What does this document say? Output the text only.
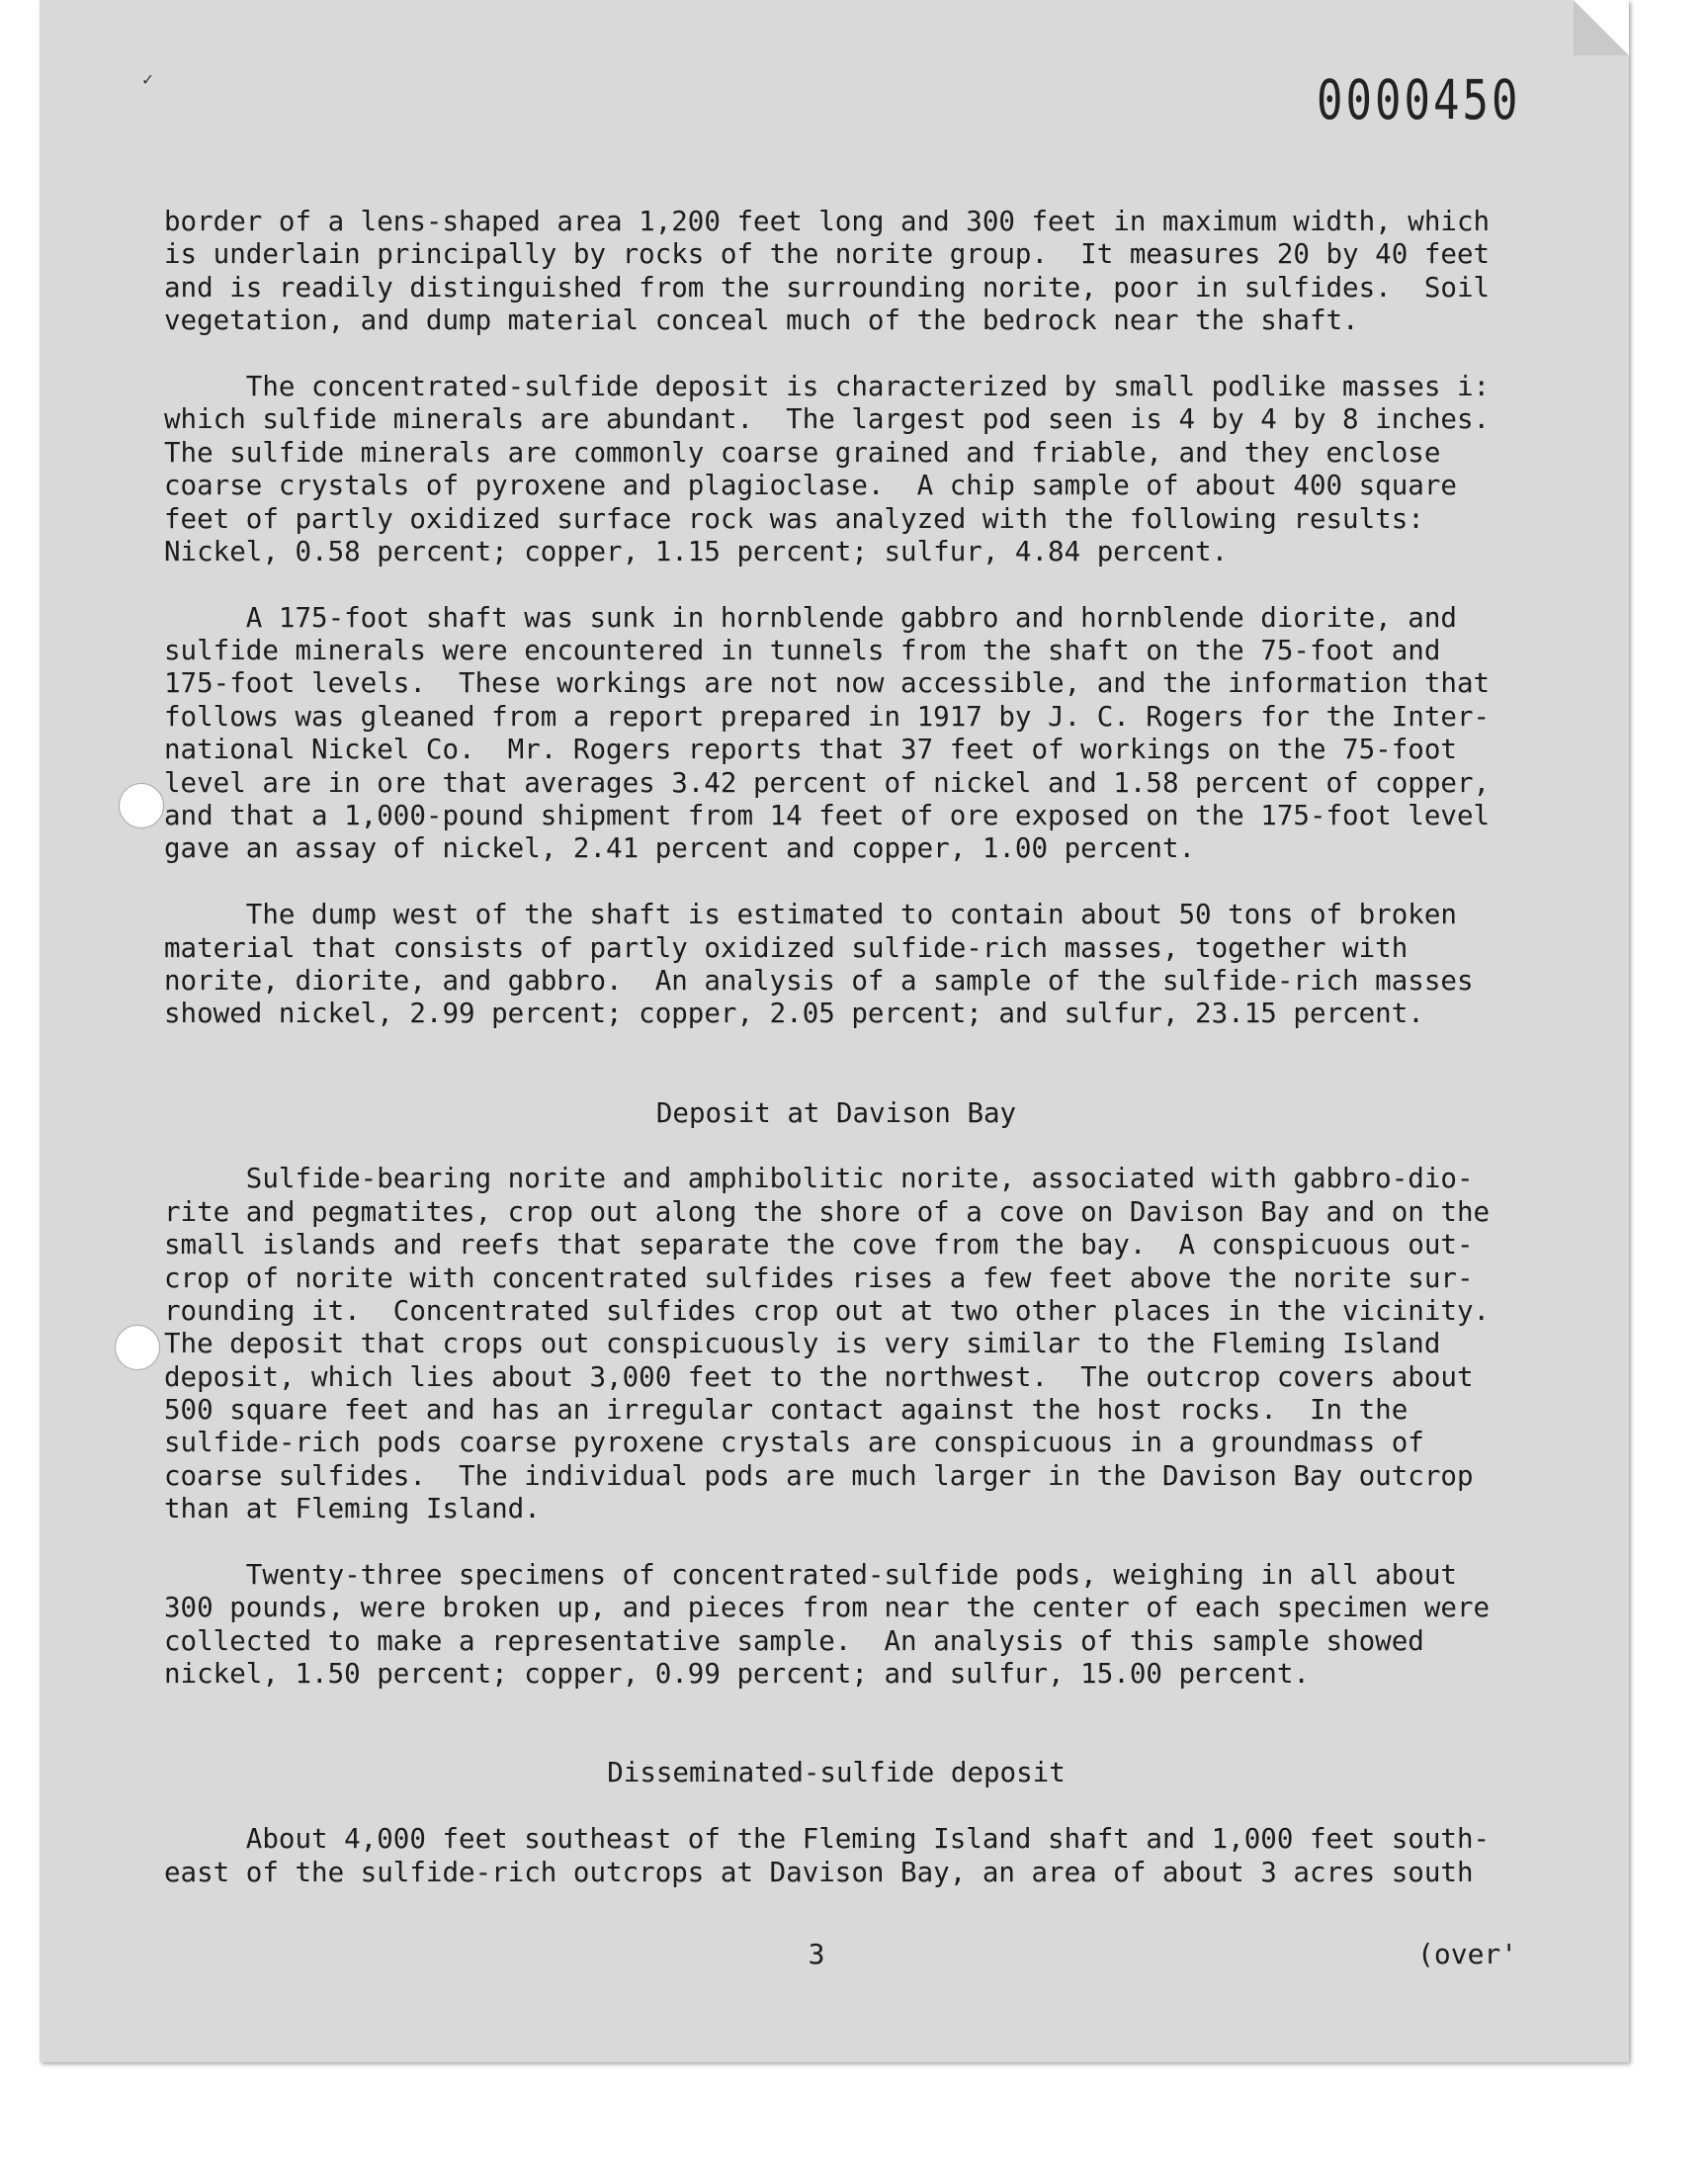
✓	0000450
border of a lens-shaped area 1,200 feet long and 300 feet in maximum width, which
is underlain principally by rocks of the norite group.  It measures 20 by 40 feet
and is readily distinguished from the surrounding norite, poor in sulfides.  Soil
vegetation, and dump material conceal much of the bedrock near the shaft.
The concentrated-sulfide deposit is characterized by small podlike masses i:
which sulfide minerals are abundant.  The largest pod seen is 4 by 4 by 8 inches.
The sulfide minerals are commonly coarse grained and friable, and they enclose
coarse crystals of pyroxene and plagioclase.  A chip sample of about 400 square
feet of partly oxidized surface rock was analyzed with the following results:
Nickel, 0.58 percent; copper, 1.15 percent; sulfur, 4.84 percent.
A 175-foot shaft was sunk in hornblende gabbro and hornblende diorite, and
sulfide minerals were encountered in tunnels from the shaft on the 75-foot and
175-foot levels.  These workings are not now accessible, and the information that
follows was gleaned from a report prepared in 1917 by J. C. Rogers for the Inter-
national Nickel Co.  Mr. Rogers reports that 37 feet of workings on the 75-foot
level are in ore that averages 3.42 percent of nickel and 1.58 percent of copper,
and that a 1,000-pound shipment from 14 feet of ore exposed on the 175-foot level
gave an assay of nickel, 2.41 percent and copper, 1.00 percent.
The dump west of the shaft is estimated to contain about 50 tons of broken
material that consists of partly oxidized sulfide-rich masses, together with
norite, diorite, and gabbro.  An analysis of a sample of the sulfide-rich masses
showed nickel, 2.99 percent; copper, 2.05 percent; and sulfur, 23.15 percent.
Deposit at Davison Bay
Sulfide-bearing norite and amphibolitic norite, associated with gabbro-dio-
rite and pegmatites, crop out along the shore of a cove on Davison Bay and on the
small islands and reefs that separate the cove from the bay.  A conspicuous out-
crop of norite with concentrated sulfides rises a few feet above the norite sur-
rounding it.  Concentrated sulfides crop out at two other places in the vicinity.
The deposit that crops out conspicuously is very similar to the Fleming Island
deposit, which lies about 3,000 feet to the northwest.  The outcrop covers about
500 square feet and has an irregular contact against the host rocks.  In the
sulfide-rich pods coarse pyroxene crystals are conspicuous in a groundmass of
coarse sulfides.  The individual pods are much larger in the Davison Bay outcrop
than at Fleming Island.
Twenty-three specimens of concentrated-sulfide pods, weighing in all about
300 pounds, were broken up, and pieces from near the center of each specimen were
collected to make a representative sample.  An analysis of this sample showed
nickel, 1.50 percent; copper, 0.99 percent; and sulfur, 15.00 percent.
Disseminated-sulfide deposit
About 4,000 feet southeast of the Fleming Island shaft and 1,000 feet south-
east of the sulfide-rich outcrops at Davison Bay, an area of about 3 acres south
3	(over'
